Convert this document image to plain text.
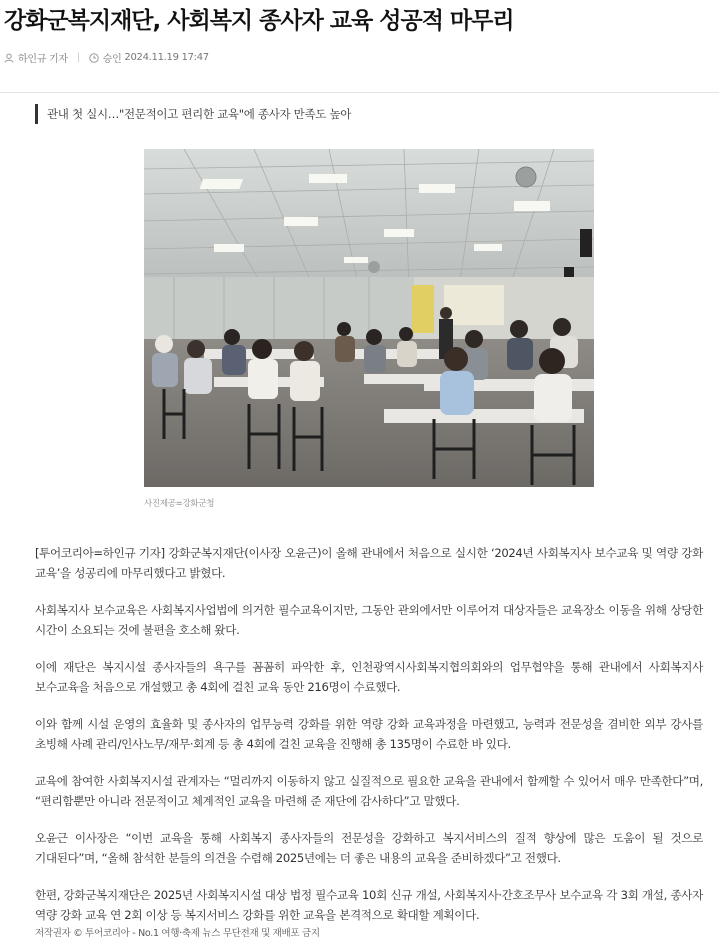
강화군복지재단, 사회복지 종사자 교육 성공적 마무리
하인규 기자 | 승인
2024.11.19 17:47
관내 첫 실시…"전문적이고 편리한 교육"에 종사자 만족도 높아
사진제공=강화군청

[투어코리아=하인규 기자] 강화군복지재단(이사장 오윤근)이 올해 관내에서 처음으로 실시한 ‘2024년 사회복지사 보수교육 및 역량 강화 교육’을 성공리에 마무리했다고 밝혔다.

사회복지사 보수교육은 사회복지사업법에 의거한 필수교육이지만, 그동안 관외에서만 이루어져 대상자들은 교육장소 이동을 위해 상당한 시간이 소요되는 것에 불편을 호소해 왔다.

이에 재단은 복지시설 종사자들의 욕구를 꼼꼼히 파악한 후, 인천광역시사회복지협의회와의 업무협약을 통해 관내에서 사회복지사 보수교육을 처음으로 개설했고 총 4회에 걸친 교육 동안 216명이 수료했다.

이와 함께 시설 운영의 효율화 및 종사자의 업무능력 강화를 위한 역량 강화 교육과정을 마련했고, 능력과 전문성을 겸비한 외부 강사를 초빙해 사례 관리/인사노무/재무·회계 등 총 4회에 걸친 교육을 진행해 총 135명이 수료한 바 있다.

교육에 참여한 사회복지시설 관계자는 “멀리까지 이동하지 않고 실질적으로 필요한 교육을 관내에서 함께할 수 있어서 매우 만족한다”며, “편리함뿐만 아니라 전문적이고 체계적인 교육을 마련해 준 재단에 감사하다”고 말했다.

오윤근 이사장은 “이번 교육을 통해 사회복지 종사자들의 전문성을 강화하고 복지서비스의 질적 향상에 많은 도움이 될 것으로 기대된다”며, “올해 참석한 분들의 의견을 수렴해 2025년에는 더 좋은 내용의 교육을 준비하겠다”고 전했다.

한편, 강화군복지재단은 2025년 사회복지시설 대상 법정 필수교육 10회 신규 개설, 사회복지사·간호조무사 보수교육 각 3회 개설, 종사자 역량 강화 교육 연 2회 이상 등 복지서비스 강화를 위한 교육을 본격적으로 확대할 계획이다.

저작권자 © 투어코리아 - No.1 여행·축제 뉴스 무단전재 및 재배포 금지
